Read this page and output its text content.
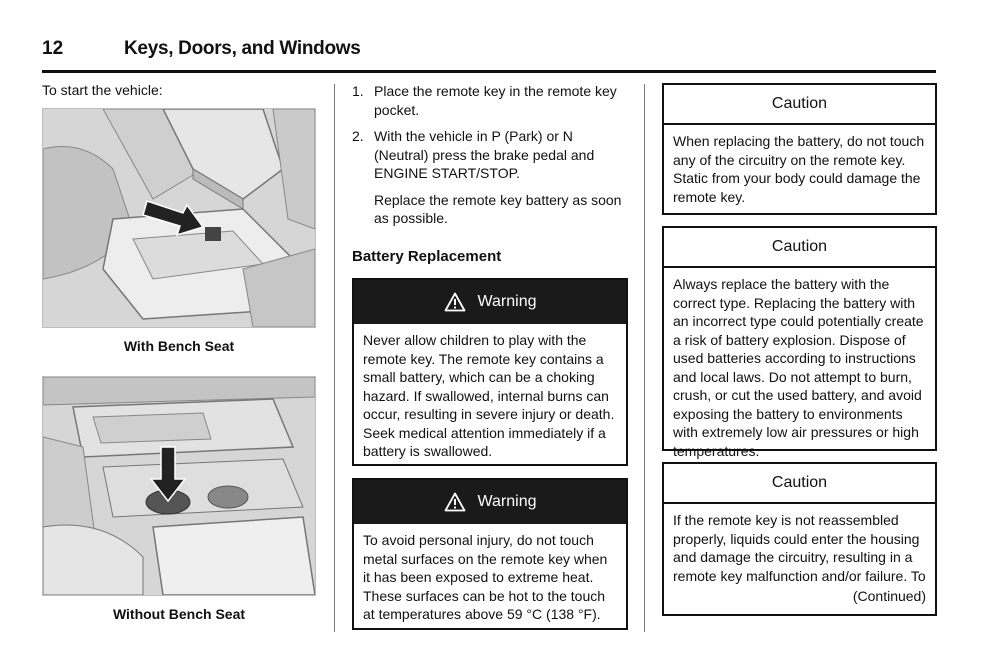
12	Keys, Doors, and Windows

To start the vehicle:

With Bench Seat
Without Bench Seat
1. Place the remote key in the remote key pocket.
2. With the vehicle in P (Park) or N (Neutral) press the brake pedal and ENGINE START/STOP.

Replace the remote key battery as soon as possible.

Battery Replacement
Warning
Never allow children to play with the remote key. The remote key contains a small battery, which can be a choking hazard. If swallowed, internal burns can occur, resulting in severe injury or death. Seek medical attention immediately if a battery is swallowed.
Warning
To avoid personal injury, do not touch metal surfaces on the remote key when it has been exposed to extreme heat. These surfaces can be hot to the touch at temperatures above 59 °C (138 °F).
Caution
When replacing the battery, do not touch any of the circuitry on the remote key. Static from your body could damage the remote key.
Caution
Always replace the battery with the correct type. Replacing the battery with an incorrect type could potentially create a risk of battery explosion. Dispose of used batteries according to instructions and local laws. Do not attempt to burn, crush, or cut the used battery, and avoid exposing the battery to environments with extremely low air pressures or high temperatures.
Caution
If the remote key is not reassembled properly, liquids could enter the housing and damage the circuitry, resulting in a remote key malfunction and/or failure. To
(Continued)
